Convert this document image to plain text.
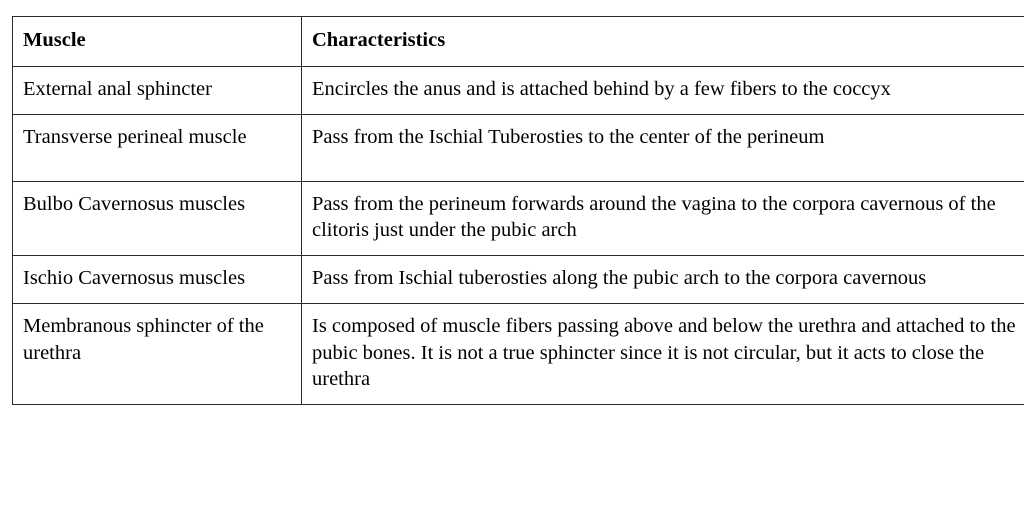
Muscle	Characteristics

External anal sphincter	Encircles the anus and is attached behind by a few fibers to the coccyx

Transverse perineal muscle	Pass from the Ischial Tuberosties to the center of the perineum

Bulbo Cavernosus muscles	Pass from the perineum forwards around the vagina to the corpora cavernous of the clitoris just under the pubic arch

Ischio Cavernosus muscles	Pass from Ischial tuberosties along the pubic arch to the corpora cavernous

Membranous sphincter of the urethra	Is composed of muscle fibers passing above and below the urethra and attached to the pubic bones. It is not a true sphincter since it is not circular, but it acts to close the urethra
